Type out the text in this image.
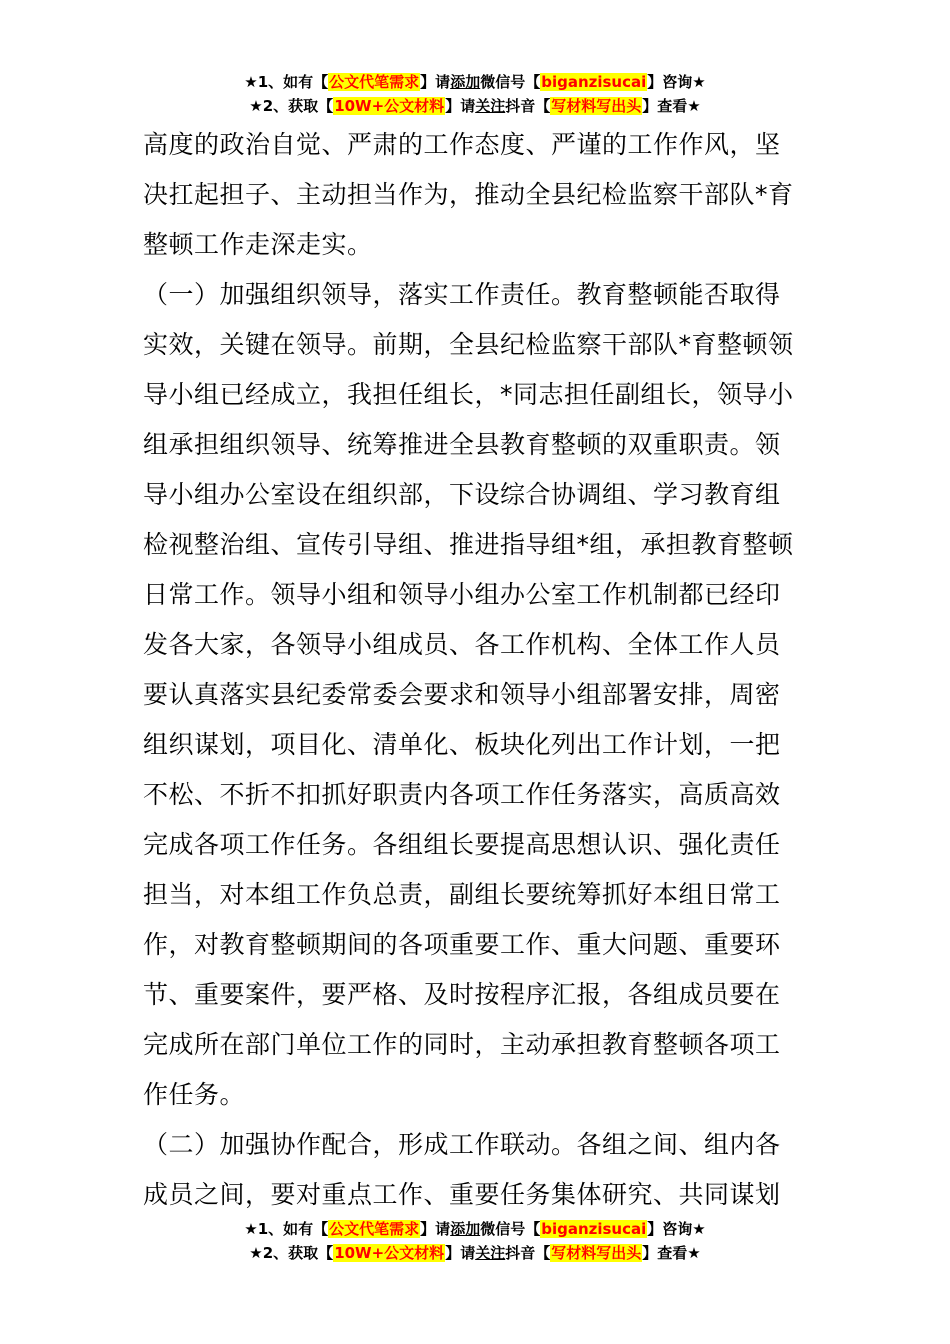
★1、如有【公文代笔需求】请添加微信号【biganzisucai】咨询★
★2、获取【10W+公文材料】请关注抖音【写材料写出头】查看★
高度的政治自觉、严肃的工作态度、严谨的工作作风，坚
决扛起担子、主动担当作为，推动全县纪检监察干部队*育
整顿工作走深走实。
（一）加强组织领导，落实工作责任。教育整顿能否取得
实效，关键在领导。前期，全县纪检监察干部队*育整顿领
导小组已经成立，我担任组长，*同志担任副组长，领导小
组承担组织领导、统筹推进全县教育整顿的双重职责。领
导小组办公室设在组织部，下设综合协调组、学习教育组
检视整治组、宣传引导组、推进指导组*组，承担教育整顿
日常工作。领导小组和领导小组办公室工作机制都已经印
发各大家，各领导小组成员、各工作机构、全体工作人员
要认真落实县纪委常委会要求和领导小组部署安排，周密
组织谋划，项目化、清单化、板块化列出工作计划，一把
不松、不折不扣抓好职责内各项工作任务落实，高质高效
完成各项工作任务。各组组长要提高思想认识、强化责任
担当，对本组工作负总责，副组长要统筹抓好本组日常工
作，对教育整顿期间的各项重要工作、重大问题、重要环
节、重要案件，要严格、及时按程序汇报，各组成员要在
完成所在部门单位工作的同时，主动承担教育整顿各项工
作任务。
（二）加强协作配合，形成工作联动。各组之间、组内各
成员之间，要对重点工作、重要任务集体研究、共同谋划
★1、如有【公文代笔需求】请添加微信号【biganzisucai】咨询★
★2、获取【10W+公文材料】请关注抖音【写材料写出头】查看★
